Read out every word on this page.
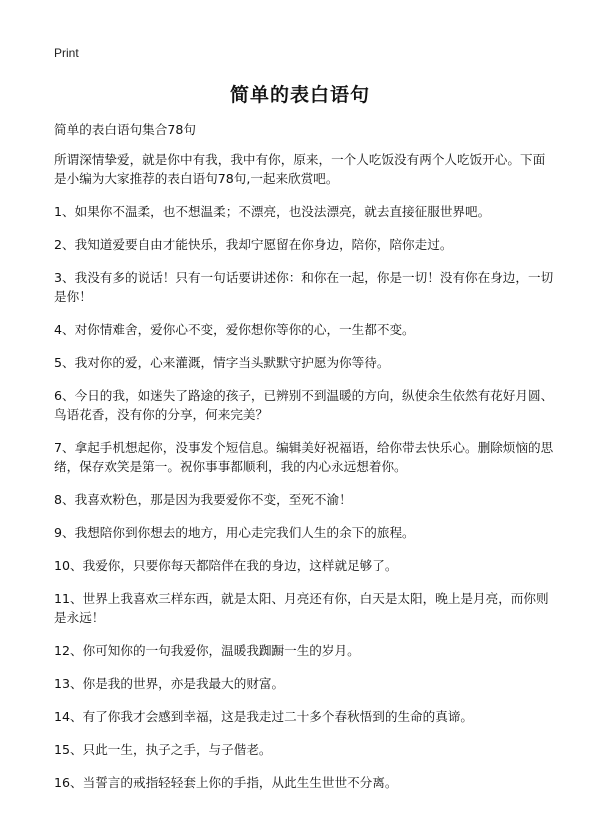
Print
简单的表白语句

简单的表白语句集合78句

所谓深情挚爱，就是你中有我，我中有你，原来，一个人吃饭没有两个人吃饭开心。下面是小编为大家推荐的表白语句78句,一起来欣赏吧。

1、如果你不温柔，也不想温柔；不漂亮，也没法漂亮，就去直接征服世界吧。
2、我知道爱要自由才能快乐，我却宁愿留在你身边，陪你，陪你走过。
3、我没有多的说话！只有一句话要讲述你：和你在一起，你是一切！没有你在身边，一切是你！
4、对你情难舍，爱你心不变，爱你想你等你的心，一生都不变。
5、我对你的爱，心来灌溉，情字当头默默守护愿为你等待。
6、今日的我，如迷失了路途的孩子，已辨别不到温暖的方向，纵使余生依然有花好月圆、鸟语花香，没有你的分享，何来完美？
7、拿起手机想起你，没事发个短信息。编辑美好祝福语，给你带去快乐心。删除烦恼的思绪，保存欢笑是第一。祝你事事都顺利，我的内心永远想着你。
8、我喜欢粉色，那是因为我要爱你不变，至死不渝！
9、我想陪你到你想去的地方，用心走完我们人生的余下的旅程。
10、我爱你，只要你每天都陪伴在我的身边，这样就足够了。
11、世界上我喜欢三样东西，就是太阳、月亮还有你，白天是太阳，晚上是月亮，而你则是永远！
12、你可知你的一句我爱你，温暖我踟蹰一生的岁月。
13、你是我的世界，亦是我最大的财富。
14、有了你我才会感到幸福，这是我走过二十多个春秋悟到的生命的真谛。
15、只此一生，执子之手，与子偕老。
16、当誓言的戒指轻轻套上你的手指，从此生生世世不分离。
